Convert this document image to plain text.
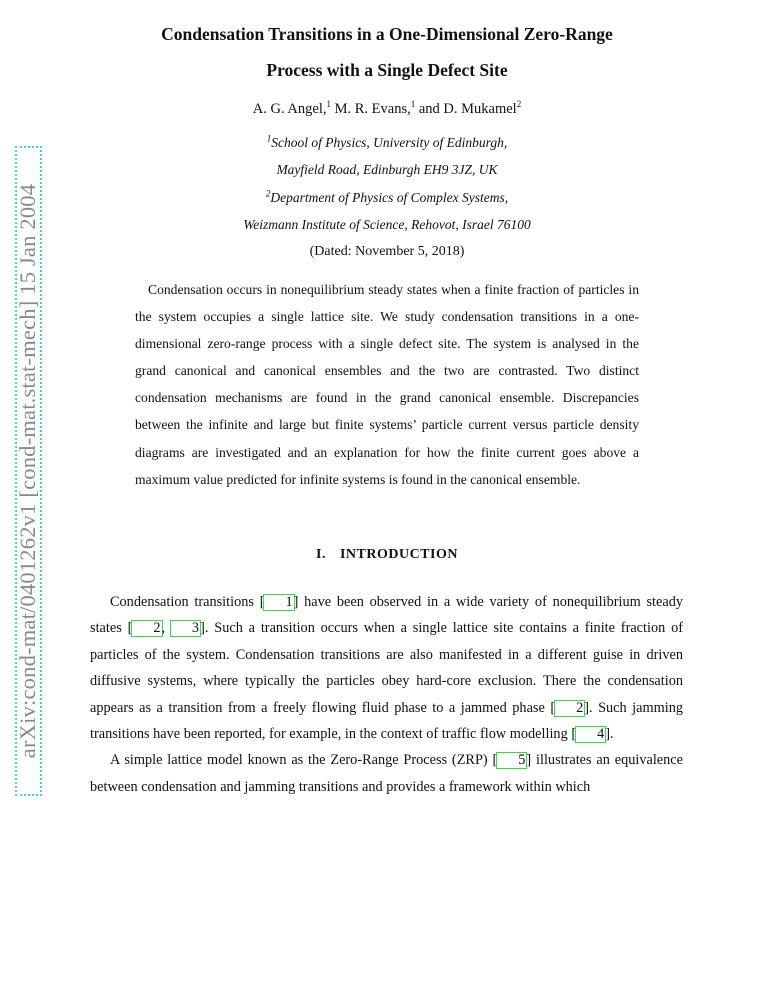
arXiv:cond-mat/0401262v1 [cond-mat.stat-mech] 15 Jan 2004
Condensation Transitions in a One-Dimensional Zero-Range
Process with a Single Defect Site
A. G. Angel,$^1$ M. R. Evans,$^1$ and D. Mukamel$^2$
$^1$School of Physics, University of Edinburgh,
Mayfield Road, Edinburgh EH9 3JZ, UK
$^2$Department of Physics of Complex Systems,
Weizmann Institute of Science, Rehovot, Israel 76100
(Dated: November 5, 2018)

Condensation occurs in nonequilibrium steady states when a finite fraction of particles in the system occupies a single lattice site. We study condensation transitions in a one-dimensional zero-range process with a single defect site. The system is analysed in the grand canonical and canonical ensembles and the two are contrasted. Two distinct condensation mechanisms are found in the grand canonical ensemble. Discrepancies between the infinite and large but finite systems’ particle current versus particle density diagrams are investigated and an explanation for how the finite current goes above a maximum value predicted for infinite systems is found in the canonical ensemble.

I. INTRODUCTION

Condensation transitions [ 1] have been observed in a wide variety of nonequilibrium steady states [ 2, 3]. Such a transition occurs when a single lattice site contains a finite fraction of particles of the system. Condensation transitions are also manifested in a different guise in driven diffusive systems, where typically the particles obey hard-core exclusion. There the condensation appears as a transition from a freely flowing fluid phase to a jammed phase [ 2]. Such jamming transitions have been reported, for example, in the context of traffic flow modelling [ 4].

A simple lattice model known as the Zero-Range Process (ZRP) [ 5] illustrates an equivalence between condensation and jamming transitions and provides a framework within which
